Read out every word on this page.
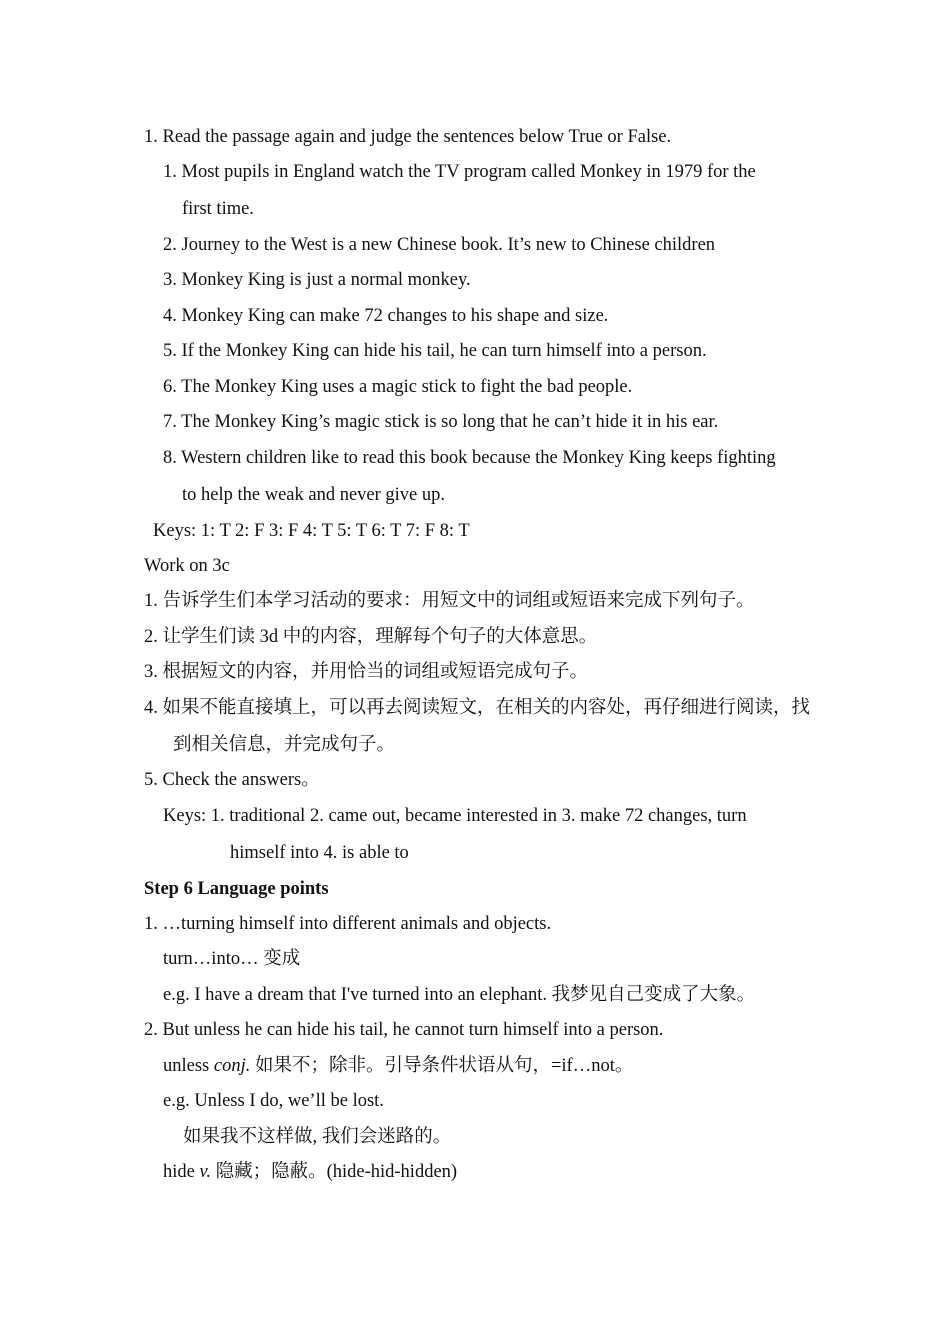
1. Read the passage again and judge the sentences below True or False.
1. Most pupils in England watch the TV program called Monkey in 1979 for the
first time.
2. Journey to the West is a new Chinese book. It’s new to Chinese children
3. Monkey King is just a normal monkey.
4. Monkey King can make 72 changes to his shape and size.
5. If the Monkey King can hide his tail, he can turn himself into a person.
6. The Monkey King uses a magic stick to fight the bad people.
7. The Monkey King’s magic stick is so long that he can’t hide it in his ear.
8. Western children like to read this book because the Monkey King keeps fighting
to help the weak and never give up.
Keys: 1: T 2: F 3: F 4: T 5: T 6: T 7: F 8: T
Work on 3c
1. 告诉学生们本学习活动的要求：用短文中的词组或短语来完成下列句子。
2. 让学生们读 3d 中的内容，理解每个句子的大体意思。
3. 根据短文的内容，并用恰当的词组或短语完成句子。
4. 如果不能直接填上，可以再去阅读短文，在相关的内容处，再仔细进行阅读，找
到相关信息，并完成句子。
5. Check the answers。
Keys: 1. traditional 2. came out, became interested in 3. make 72 changes, turn
himself into 4. is able to
Step 6 Language points
1. …turning himself into different animals and objects.
turn…into… 变成
e.g. I have a dream that I've turned into an elephant. 我梦见自己变成了大象。
2. But unless he can hide his tail, he cannot turn himself into a person.
unless conj. 如果不；除非。引导条件状语从句，=if…not。
e.g. Unless I do, we’ll be lost.
如果我不这样做, 我们会迷路的。
hide v. 隐藏；隐蔽。(hide-hid-hidden)
